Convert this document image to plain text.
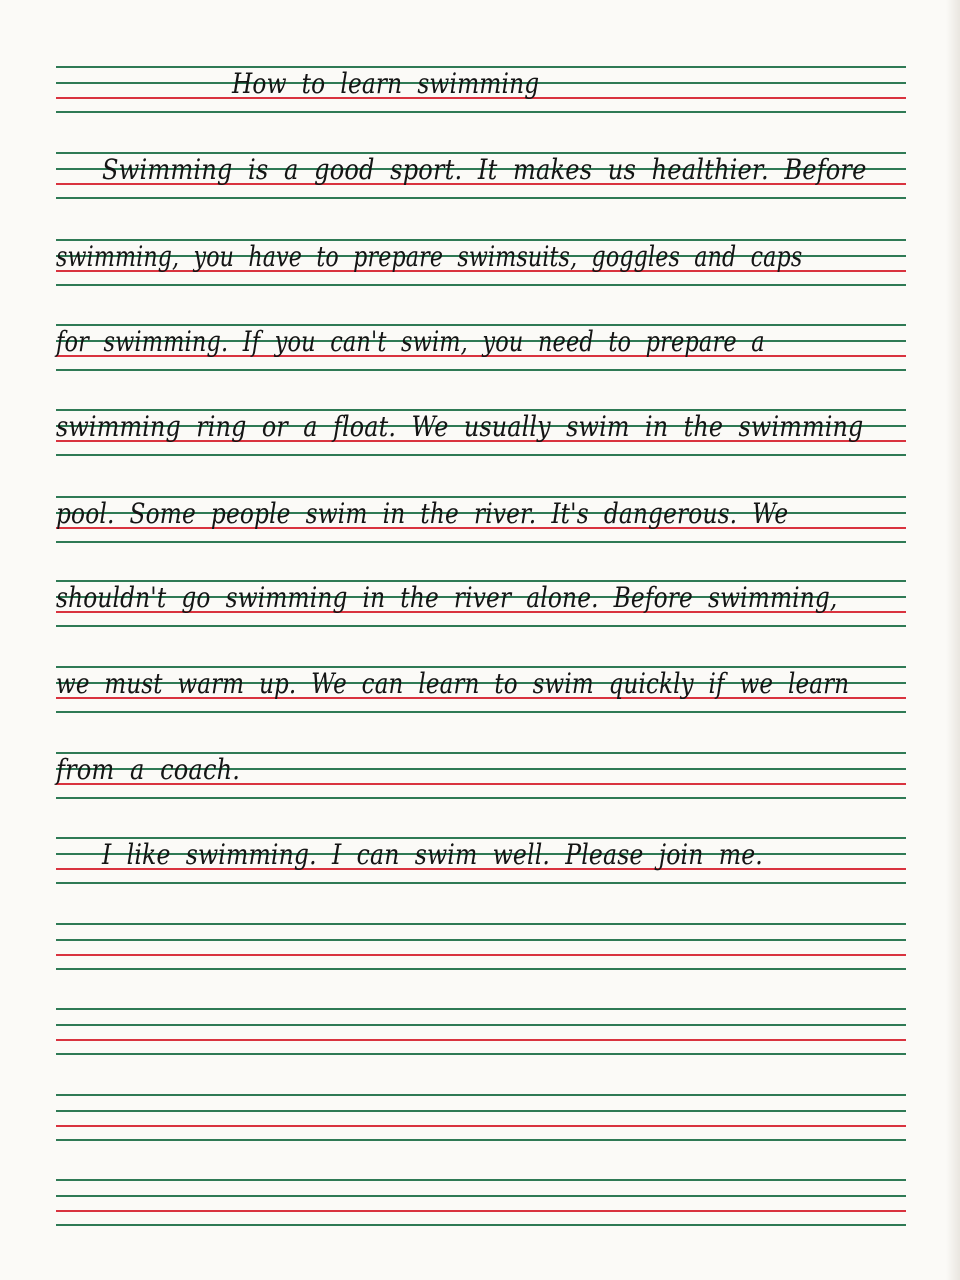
How to learn swimming
Swimming is a good sport. It makes us healthier. Before
swimming, you have to prepare swimsuits, goggles and caps
for swimming. If you can't swim, you need to prepare a
swimming ring or a float. We usually swim in the swimming
pool. Some people swim in the river. It's dangerous. We
shouldn't go swimming in the river alone. Before swimming,
we must warm up. We can learn to swim quickly if we learn
from a coach.
I like swimming. I can swim well. Please join me.
